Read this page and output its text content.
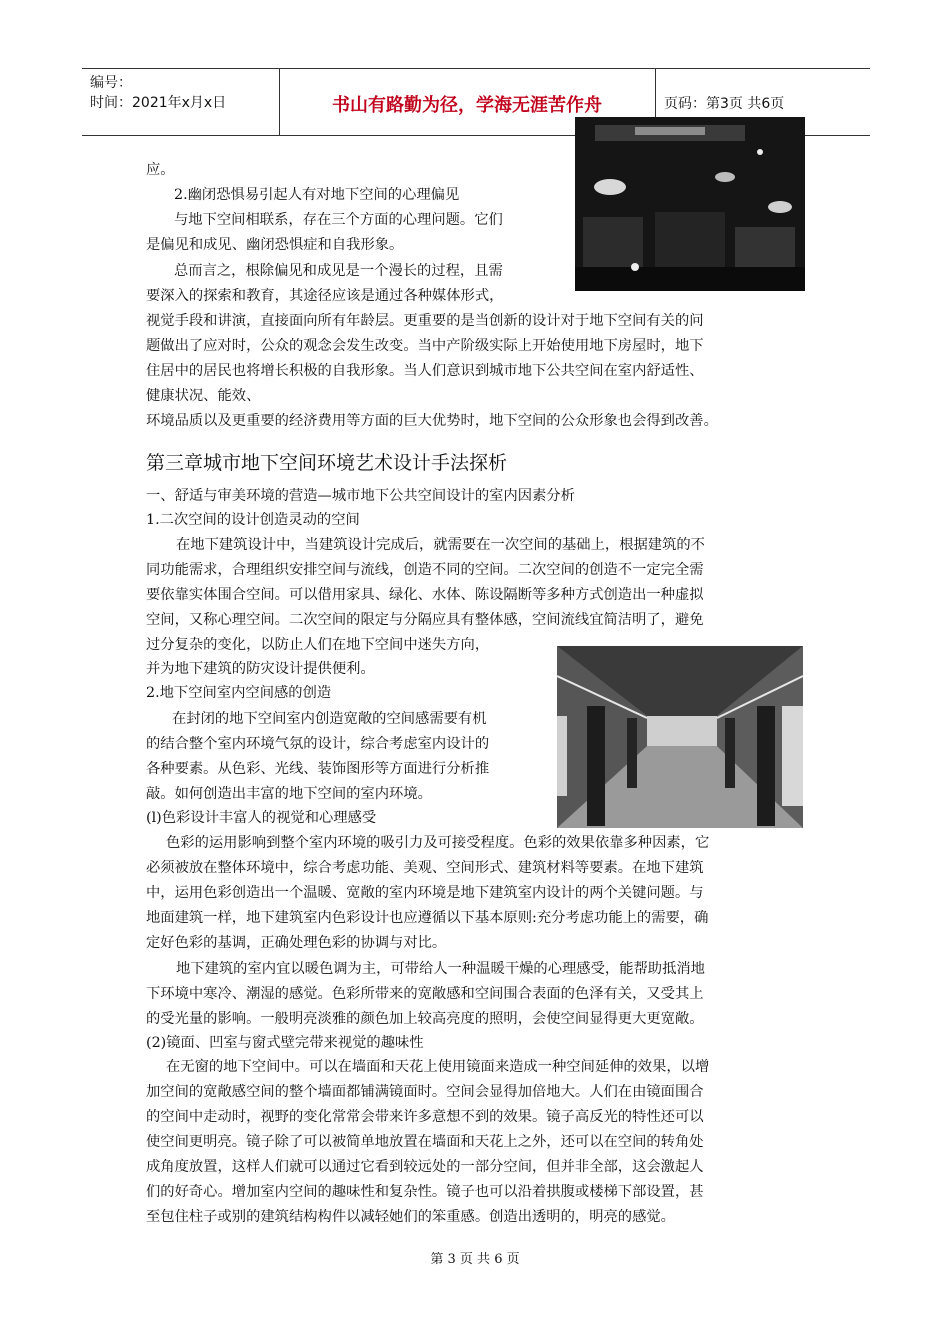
编号：
时间：2021年x月x日	书山有路勤为径，学海无涯苦作舟	页码：第3页 共6页
应。
2.幽闭恐惧易引起人有对地下空间的心理偏见
与地下空间相联系，存在三个方面的心理问题。它们
是偏见和成见、幽闭恐惧症和自我形象。
总而言之，根除偏见和成见是一个漫长的过程，且需
要深入的探索和教育，其途径应该是通过各种媒体形式，
视觉手段和讲演，直接面向所有年龄层。更重要的是当创新的设计对于地下空间有关的问
题做出了应对时，公众的观念会发生改变。当中产阶级实际上开始使用地下房屋时，地下
住居中的居民也将增长积极的自我形象。当人们意识到城市地下公共空间在室内舒适性、
健康状况、能效、
环境品质以及更重要的经济费用等方面的巨大优势时，地下空间的公众形象也会得到改善。
第三章城市地下空间环境艺术设计手法探析
一、舒适与审美环境的营造—城市地下公共空间设计的室内因素分析
1.二次空间的设计创造灵动的空间
在地下建筑设计中，当建筑设计完成后，就需要在一次空间的基础上，根据建筑的不
同功能需求，合理组织安排空间与流线，创造不同的空间。二次空间的创造不一定完全需
要依靠实体围合空间。可以借用家具、绿化、水体、陈设隔断等多种方式创造出一种虚拟
空间，又称心理空间。二次空间的限定与分隔应具有整体感，空间流线宜简洁明了，避免
过分复杂的变化，以防止人们在地下空间中迷失方向，
并为地下建筑的防灾设计提供便利。
2.地下空间室内空间感的创造
在封闭的地下空间室内创造宽敞的空间感需要有机
的结合整个室内环境气氛的设计，综合考虑室内设计的
各种要素。从色彩、光线、装饰图形等方面进行分析推
敲。如何创造出丰富的地下空间的室内环境。
(l)色彩设计丰富人的视觉和心理感受
色彩的运用影响到整个室内环境的吸引力及可接受程度。色彩的效果依靠多种因素，它
必须被放在整体环境中，综合考虑功能、美观、空间形式、建筑材料等要素。在地下建筑
中，运用色彩创造出一个温暖、宽敞的室内环境是地下建筑室内设计的两个关键问题。与
地面建筑一样，地下建筑室内色彩设计也应遵循以下基本原则:充分考虑功能上的需要，确
定好色彩的基调，正确处理色彩的协调与对比。
地下建筑的室内宜以暖色调为主，可带给人一种温暖干燥的心理感受，能帮助抵消地
下环境中寒冷、潮湿的感觉。色彩所带来的宽敞感和空间围合表面的色泽有关，又受其上
的受光量的影响。一般明亮淡雅的颜色加上较高亮度的照明，会使空间显得更大更宽敞。
(2)镜面、凹室与窗式壁完带来视觉的趣味性
在无窗的地下空间中。可以在墙面和天花上使用镜面来造成一种空间延伸的效果，以增
加空间的宽敞感空间的整个墙面都铺满镜面时。空间会显得加倍地大。人们在由镜面围合
的空间中走动时，视野的变化常常会带来许多意想不到的效果。镜子高反光的特性还可以
使空间更明亮。镜子除了可以被简单地放置在墙面和天花上之外，还可以在空间的转角处
成角度放置，这样人们就可以通过它看到较远处的一部分空间，但并非全部，这会激起人
们的好奇心。增加室内空间的趣味性和复杂性。镜子也可以沿着拱腹或楼梯下部设置，甚
至包住柱子或别的建筑结构构件以减轻她们的笨重感。创造出透明的，明亮的感觉。
第 3 页 共 6 页
